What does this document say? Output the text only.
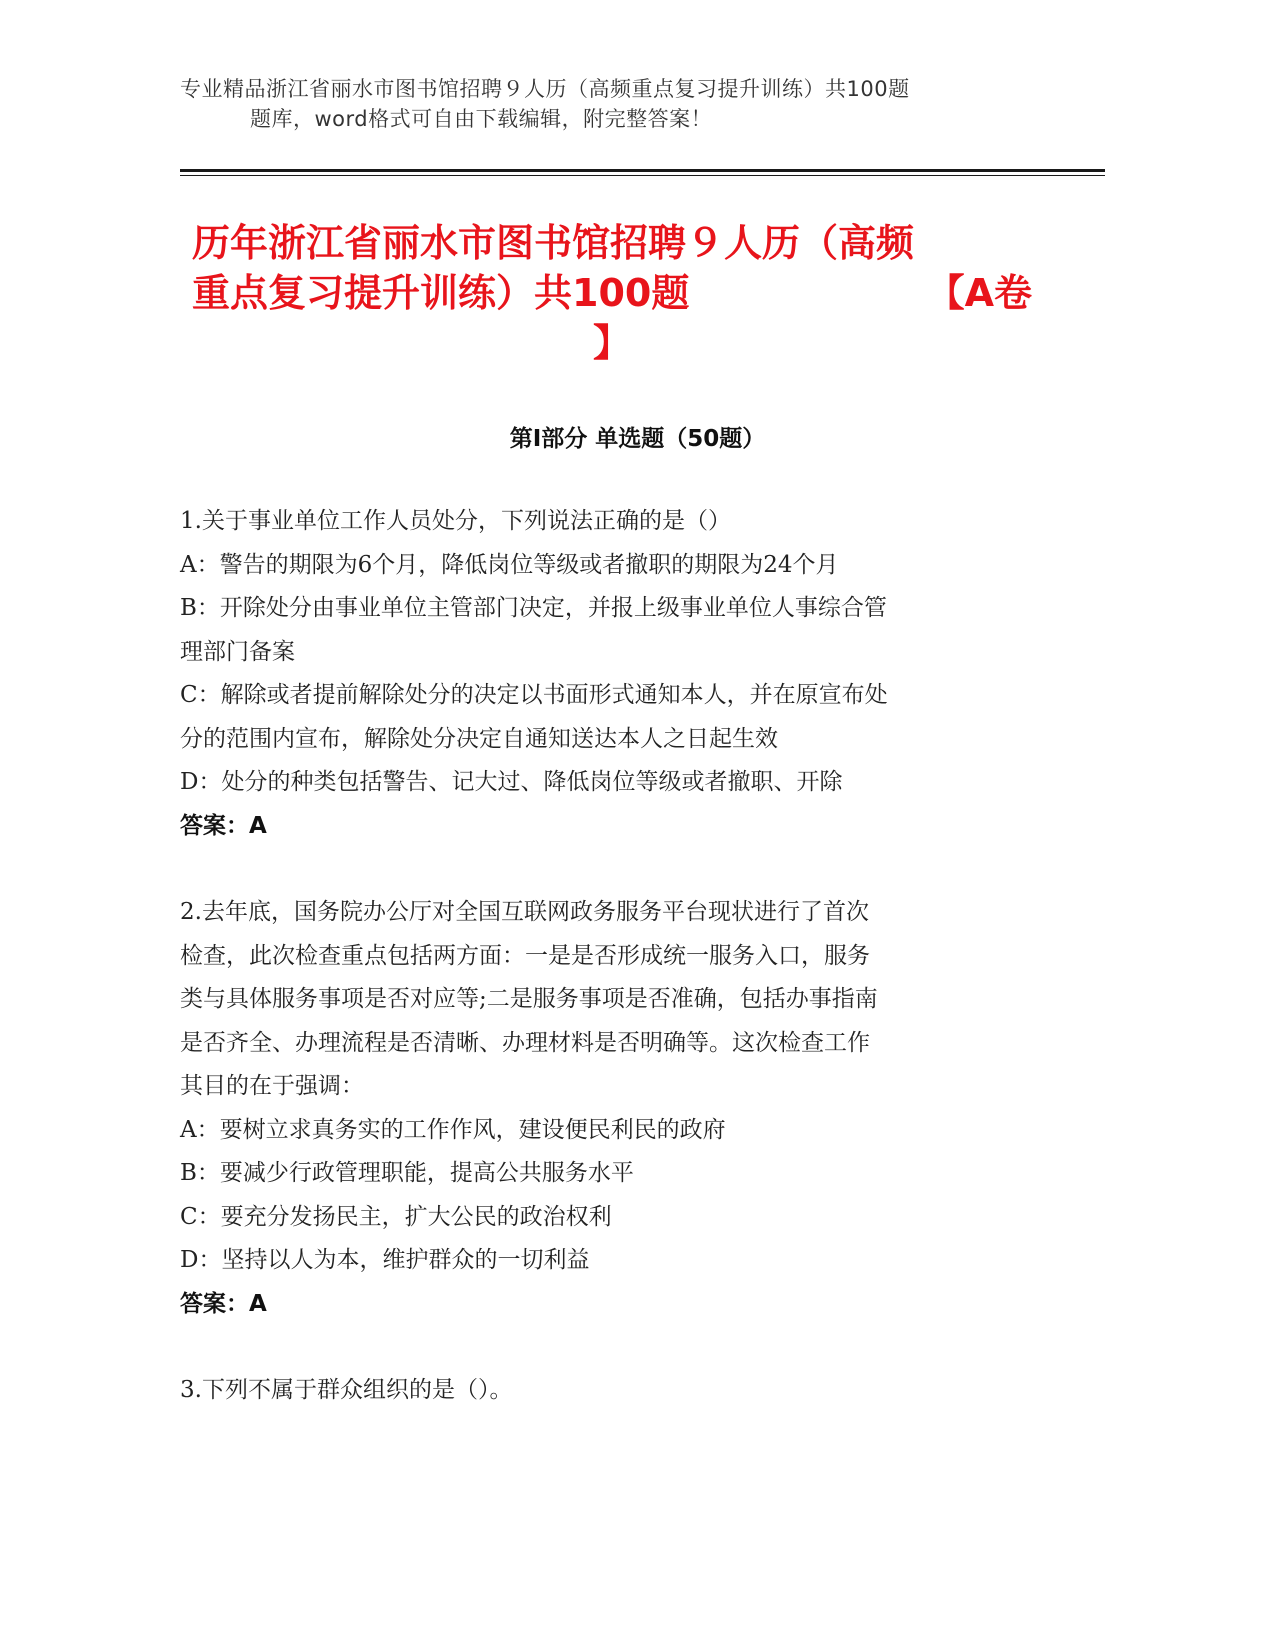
专业精品浙江省丽水市图书馆招聘９人历（高频重点复习提升训练）共100题
题库，word格式可自由下载编辑，附完整答案！
历年浙江省丽水市图书馆招聘９人历（高频
重点复习提升训练）共100题	【A卷
】
第Ⅰ部分 单选题（50题）

1.关于事业单位工作人员处分，下列说法正确的是（）

A：警告的期限为6个月，降低岗位等级或者撤职的期限为24个月

B：开除处分由事业单位主管部门决定，并报上级事业单位人事综合管

理部门备案

C：解除或者提前解除处分的决定以书面形式通知本人，并在原宣布处

分的范围内宣布，解除处分决定自通知送达本人之日起生效

D：处分的种类包括警告、记大过、降低岗位等级或者撤职、开除

答案：A

2.去年底，国务院办公厅对全国互联网政务服务平台现状进行了首次

检查，此次检查重点包括两方面：一是是否形成统一服务入口，服务

类与具体服务事项是否对应等;二是服务事项是否准确，包括办事指南

是否齐全、办理流程是否清晰、办理材料是否明确等。这次检查工作

其目的在于强调：

A：要树立求真务实的工作作风，建设便民利民的政府

B：要减少行政管理职能，提高公共服务水平

C：要充分发扬民主，扩大公民的政治权利

D：坚持以人为本，维护群众的一切利益

答案：A

3.下列不属于群众组织的是（）。
